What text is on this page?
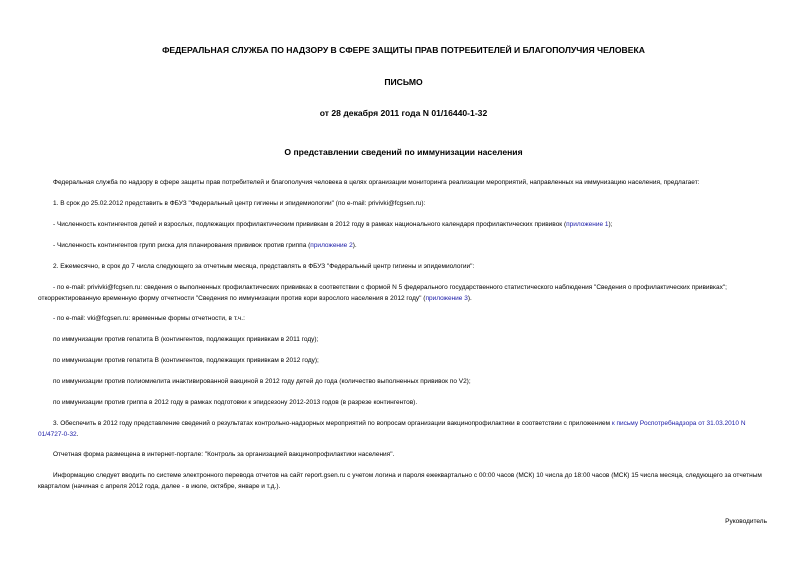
ФЕДЕРАЛЬНАЯ СЛУЖБА ПО НАДЗОРУ В СФЕРЕ ЗАЩИТЫ ПРАВ ПОТРЕБИТЕЛЕЙ И БЛАГОПОЛУЧИЯ ЧЕЛОВЕКА
ПИСЬМО
от 28 декабря 2011 года N 01/16440-1-32
О представлении сведений по иммунизации населения
Федеральная служба по надзору в сфере защиты прав потребителей и благополучия человека в целях организации мониторинга реализации мероприятий, направленных на иммунизацию населения, предлагает:
1. В срок до 25.02.2012 представить в ФБУЗ "Федеральный центр гигиены и эпидемиологии" (по e-mail: privivki@fcgsen.ru):
- Численность контингентов детей и взрослых, подлежащих профилактическим прививкам в 2012 году в рамках национального календаря профилактических прививок (приложение 1);
- Численность контингентов групп риска для планирования прививок против гриппа (приложение 2).
2. Ежемесячно, в срок до 7 числа следующего за отчетным месяца, представлять в ФБУЗ "Федеральный центр гигиены и эпидемиологии":
- по e-mail: privivki@fcgsen.ru: сведения о выполненных профилактических прививках в соответствии с формой N 5 федерального государственного статистического наблюдения "Сведения о профилактических прививках"; откорректированную временную форму отчетности "Сведения по иммунизации против кори взрослого населения в 2012 году" (приложение 3).
- по e-mail: vki@fcgsen.ru: временные формы отчетности, в т.ч.:
по иммунизации против гепатита В (контингентов, подлежащих прививкам в 2011 году);
по иммунизации против гепатита В (контингентов, подлежащих прививкам в 2012 году);
по иммунизации против полиомиелита инактивированной вакциной в 2012 году детей до года (количество выполненных прививок по V2);
по иммунизации против гриппа в 2012 году в рамках подготовки к эпидсезону 2012-2013 годов (в разрезе контингентов).
3. Обеспечить в 2012 году представление сведений о результатах контрольно-надзорных мероприятий по вопросам организации вакцинопрофилактики в соответствии с приложением к письму Роспотребнадзора от 31.03.2010 N 01/4727-0-32.
Отчетная форма размещена в интернет-портале: "Контроль за организацией вакцинопрофилактики населения".
Информацию следует вводить по системе электронного перевода отчетов на сайт report.gsen.ru с учетом логина и пароля ежеквартально с 00:00 часов (МСК) 10 числа до 18:00 часов (МСК) 15 числа месяца, следующего за отчетным кварталом (начиная с апреля 2012 года, далее - в июле, октябре, январе и т.д.).
Руководитель
